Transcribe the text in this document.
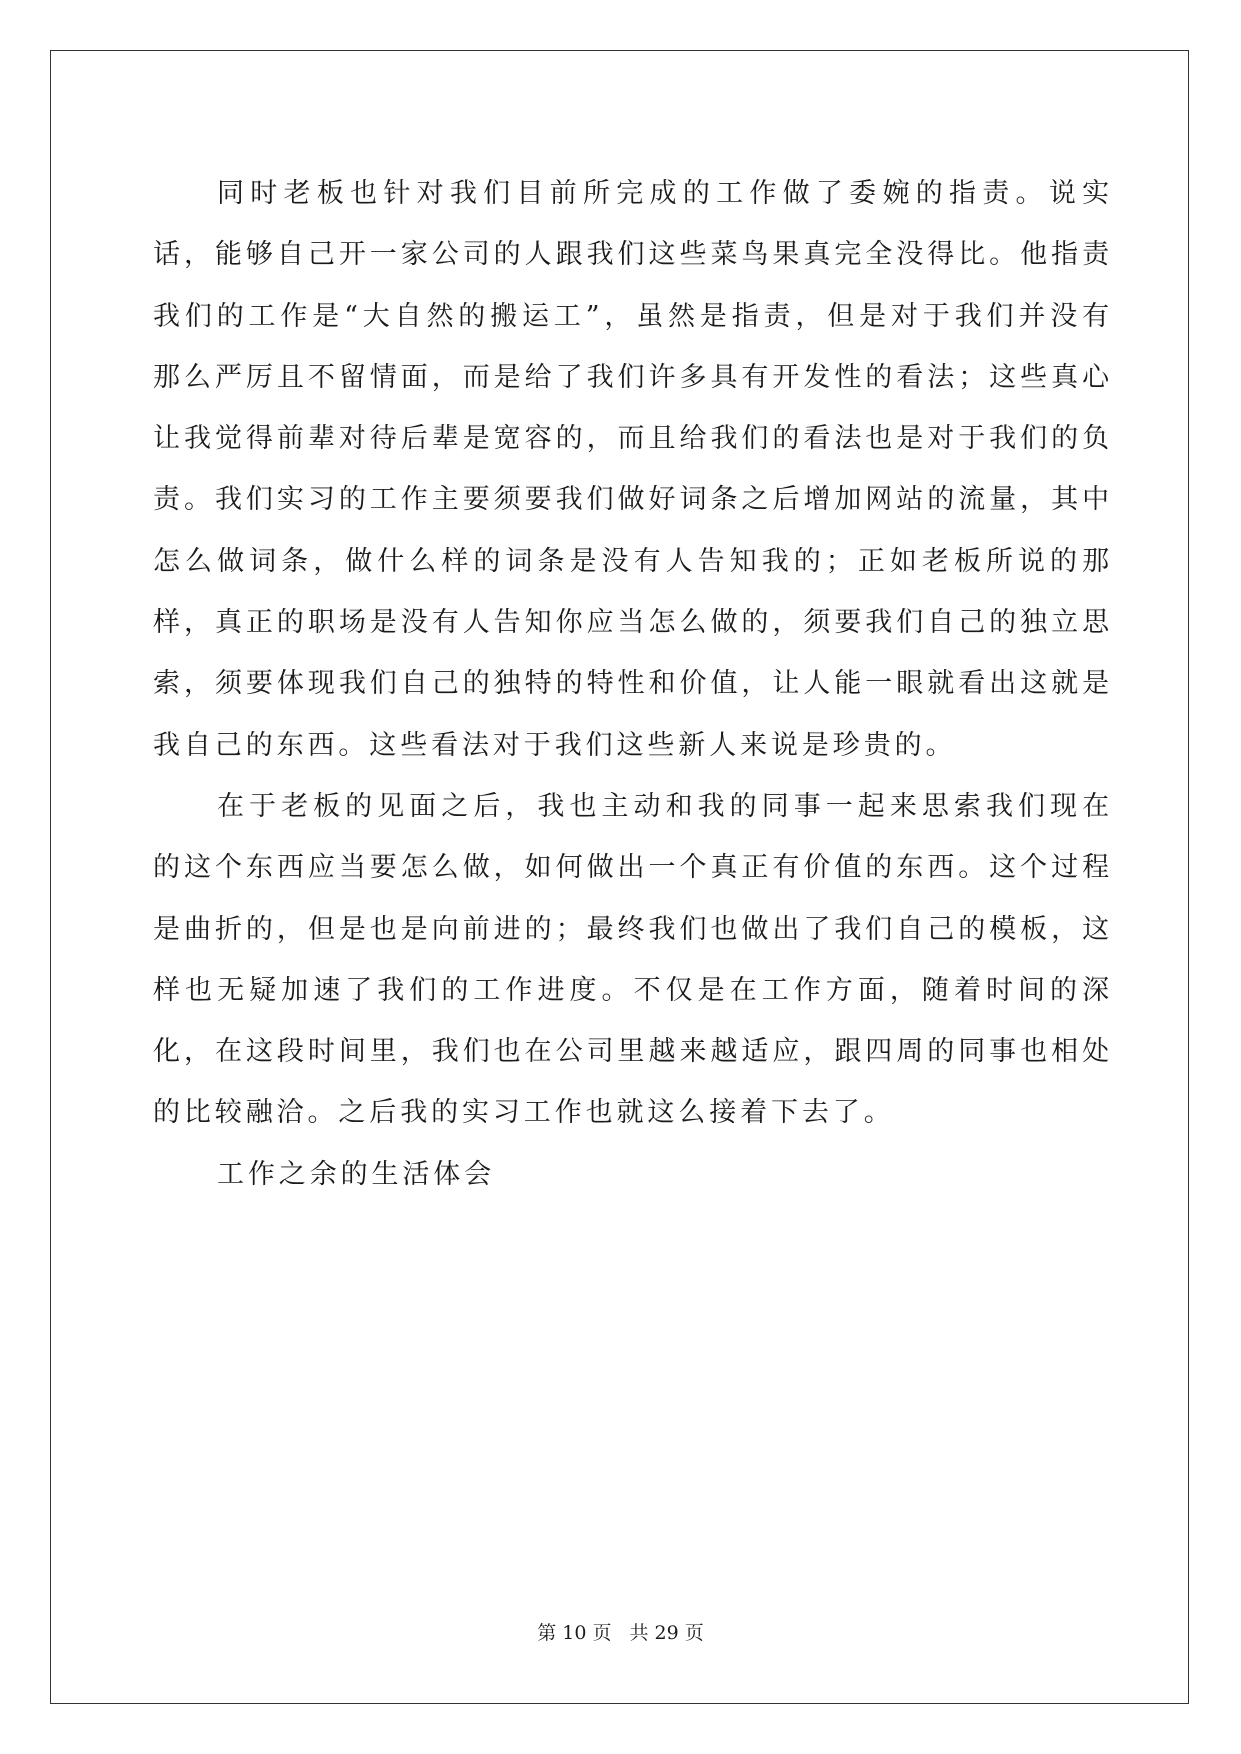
同时老板也针对我们目前所完成的工作做了委婉的指责。说实话，能够自己开一家公司的人跟我们这些菜鸟果真完全没得比。他指责我们的工作是“大自然的搬运工”，虽然是指责，但是对于我们并没有那么严厉且不留情面，而是给了我们许多具有开发性的看法；这些真心让我觉得前辈对待后辈是宽容的，而且给我们的看法也是对于我们的负责。我们实习的工作主要须要我们做好词条之后增加网站的流量，其中怎么做词条，做什么样的词条是没有人告知我的；正如老板所说的那样，真正的职场是没有人告知你应当怎么做的，须要我们自己的独立思索，须要体现我们自己的独特的特性和价值，让人能一眼就看出这就是我自己的东西。这些看法对于我们这些新人来说是珍贵的。

在于老板的见面之后，我也主动和我的同事一起来思索我们现在的这个东西应当要怎么做，如何做出一个真正有价值的东西。这个过程是曲折的，但是也是向前进的；最终我们也做出了我们自己的模板，这样也无疑加速了我们的工作进度。不仅是在工作方面，随着时间的深化，在这段时间里，我们也在公司里越来越适应，跟四周的同事也相处的比较融洽。之后我的实习工作也就这么接着下去了。

工作之余的生活体会

第 10 页 共 29 页
